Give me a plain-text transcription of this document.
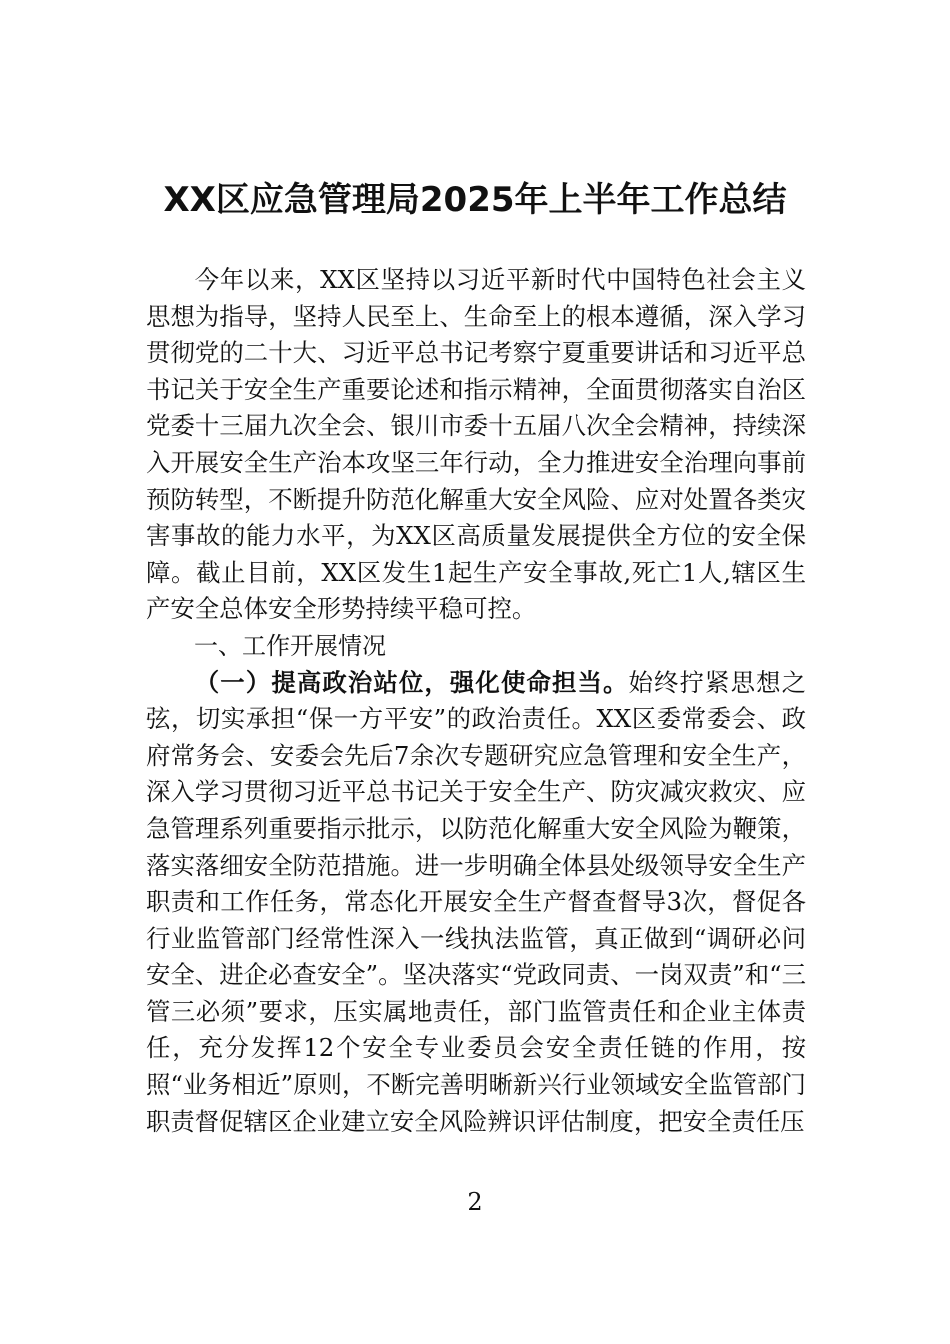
XX区应急管理局2025年上半年工作总结

今年以来，XX区坚持以习近平新时代中国特色社会主义思想为指导，坚持人民至上、生命至上的根本遵循，深入学习贯彻党的二十大、习近平总书记考察宁夏重要讲话和习近平总书记关于安全生产重要论述和指示精神，全面贯彻落实自治区党委十三届九次全会、银川市委十五届八次全会精神，持续深入开展安全生产治本攻坚三年行动，全力推进安全治理向事前预防转型，不断提升防范化解重大安全风险、应对处置各类灾害事故的能力水平，为XX区高质量发展提供全方位的安全保障。截止目前，XX区发生1起生产安全事故,死亡1人,辖区生产安全总体安全形势持续平稳可控。

一、工作开展情况

（一）提高政治站位，强化使命担当。始终拧紧思想之弦，切实承担“保一方平安”的政治责任。XX区委常委会、政府常务会、安委会先后7余次专题研究应急管理和安全生产，深入学习贯彻习近平总书记关于安全生产、防灾减灾救灾、应急管理系列重要指示批示，以防范化解重大安全风险为鞭策，落实落细安全防范措施。进一步明确全体县处级领导安全生产职责和工作任务，常态化开展安全生产督查督导3次，督促各行业监管部门经常性深入一线执法监管，真正做到“调研必问安全、进企必查安全”。坚决落实“党政同责、一岗双责”和“三管三必须”要求，压实属地责任，部门监管责任和企业主体责任，充分发挥12个安全专业委员会安全责任链的作用，按照“业务相近”原则，不断完善明晰新兴行业领域安全监管部门职责督促辖区企业建立安全风险辨识评估制度，把安全责任压

2
